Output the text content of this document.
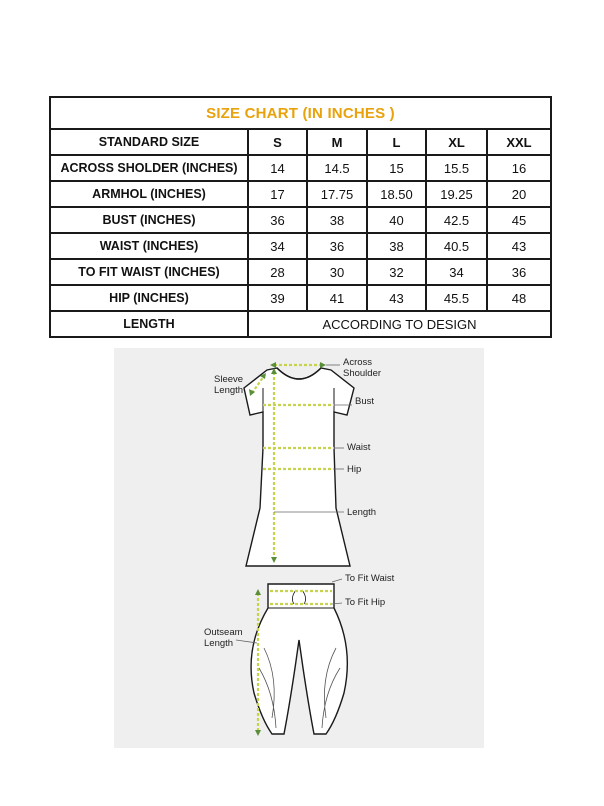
SIZE CHART (IN INCHES )					
STANDARD SIZE	S	M	L	XL	XXL
ACROSS SHOLDER (INCHES)	14	14.5	15	15.5	16
ARMHOL (INCHES)	17	17.75	18.50	19.25	20
BUST (INCHES)	36	38	40	42.5	45
WAIST (INCHES)	34	36	38	40.5	43
TO FIT WAIST (INCHES)	28	30	32	34	36
HIP (INCHES)	39	41	43	45.5	48
LENGTH	ACCORDING TO DESIGN				
Across
Shoulder
Sleeve
Length
Bust
Waist
Hip
Length
To Fit Waist
To Fit Hip
Outseam
Length
